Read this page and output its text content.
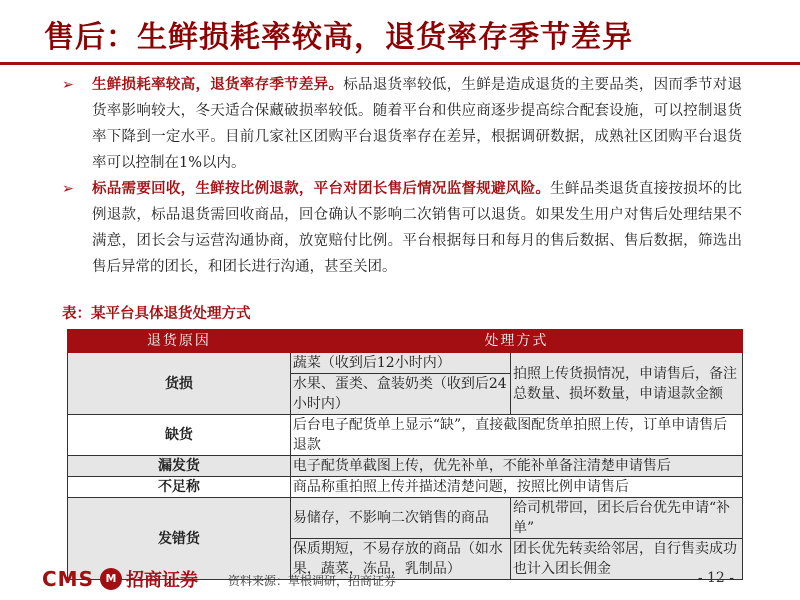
售后：生鲜损耗率较高，退货率存季节差异
➢ 生鲜损耗率较高，退货率存季节差异。标品退货率较低，生鲜是造成退货的主要品类，因而季节对退货率影响较大，冬天适合保藏破损率较低。随着平台和供应商逐步提高综合配套设施，可以控制退货率下降到一定水平。目前几家社区团购平台退货率存在差异，根据调研数据，成熟社区团购平台退货率可以控制在1%以内。
➢ 标品需要回收，生鲜按比例退款，平台对团长售后情况监督规避风险。生鲜品类退货直接按损坏的比例退款，标品退货需回收商品，回仓确认不影响二次销售可以退货。如果发生用户对售后处理结果不满意，团长会与运营沟通协商，放宽赔付比例。平台根据每日和每月的售后数据、售后数据，筛选出售后异常的团长，和团长进行沟通，甚至关团。
表：某平台具体退货处理方式
退货原因	处理方式	
货损	蔬菜（收到后12小时内）	拍照上传货损情况，申请售后，备注总数量、损坏数量，申请退款金额
	水果、蛋类、盒装奶类（收到后24小时内）	
缺货	后台电子配货单上显示“缺”，直接截图配货单拍照上传，订单申请售后退款	
漏发货	电子配货单截图上传，优先补单，不能补单备注清楚申请售后	
不足称	商品称重拍照上传并描述清楚问题，按照比例申请售后	
发错货	易储存，不影响二次销售的商品	给司机带回，团长后台优先申请“补单”
	保质期短，不易存放的商品（如水果，蔬菜，冻品，乳制品）	团长优先转卖给邻居，自行售卖成功也计入团长佣金
CMS	M 招商证券	资料来源：草根调研，招商证券	- 12 -
